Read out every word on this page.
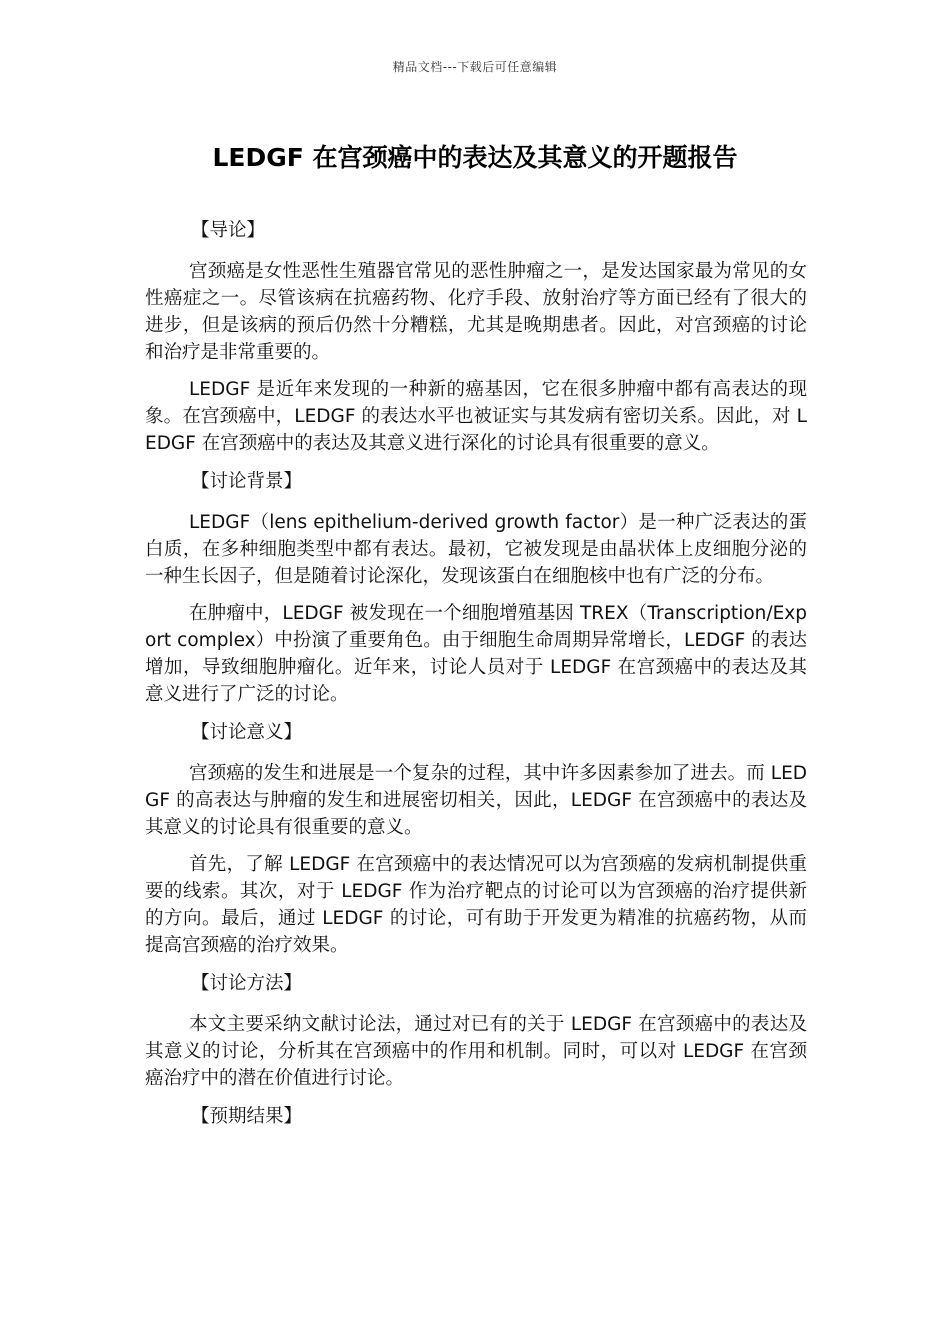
精品文档---下载后可任意编辑
LEDGF 在宫颈癌中的表达及其意义的开题报告
【导论】

宫颈癌是女性恶性生殖器官常见的恶性肿瘤之一，是发达国家最为常见的女性癌症之一。尽管该病在抗癌药物、化疗手段、放射治疗等方面已经有了很大的进步，但是该病的预后仍然十分糟糕，尤其是晚期患者。因此，对宫颈癌的讨论和治疗是非常重要的。

LEDGF 是近年来发现的一种新的癌基因，它在很多肿瘤中都有高表达的现象。在宫颈癌中，LEDGF 的表达水平也被证实与其发病有密切关系。因此，对 LEDGF 在宫颈癌中的表达及其意义进行深化的讨论具有很重要的意义。

【讨论背景】

LEDGF（lens epithelium-derived growth factor）是一种广泛表达的蛋白质，在多种细胞类型中都有表达。最初，它被发现是由晶状体上皮细胞分泌的一种生长因子，但是随着讨论深化，发现该蛋白在细胞核中也有广泛的分布。

在肿瘤中，LEDGF 被发现在一个细胞增殖基因 TREX（Transcription/Export complex）中扮演了重要角色。由于细胞生命周期异常增长，LEDGF 的表达增加，导致细胞肿瘤化。近年来，讨论人员对于 LEDGF 在宫颈癌中的表达及其意义进行了广泛的讨论。

【讨论意义】

宫颈癌的发生和进展是一个复杂的过程，其中许多因素参加了进去。而 LEDGF 的高表达与肿瘤的发生和进展密切相关，因此，LEDGF 在宫颈癌中的表达及其意义的讨论具有很重要的意义。

首先，了解 LEDGF 在宫颈癌中的表达情况可以为宫颈癌的发病机制提供重要的线索。其次，对于 LEDGF 作为治疗靶点的讨论可以为宫颈癌的治疗提供新的方向。最后，通过 LEDGF 的讨论，可有助于开发更为精准的抗癌药物，从而提高宫颈癌的治疗效果。

【讨论方法】

本文主要采纳文献讨论法，通过对已有的关于 LEDGF 在宫颈癌中的表达及其意义的讨论，分析其在宫颈癌中的作用和机制。同时，可以对 LEDGF 在宫颈癌治疗中的潜在价值进行讨论。

【预期结果】
